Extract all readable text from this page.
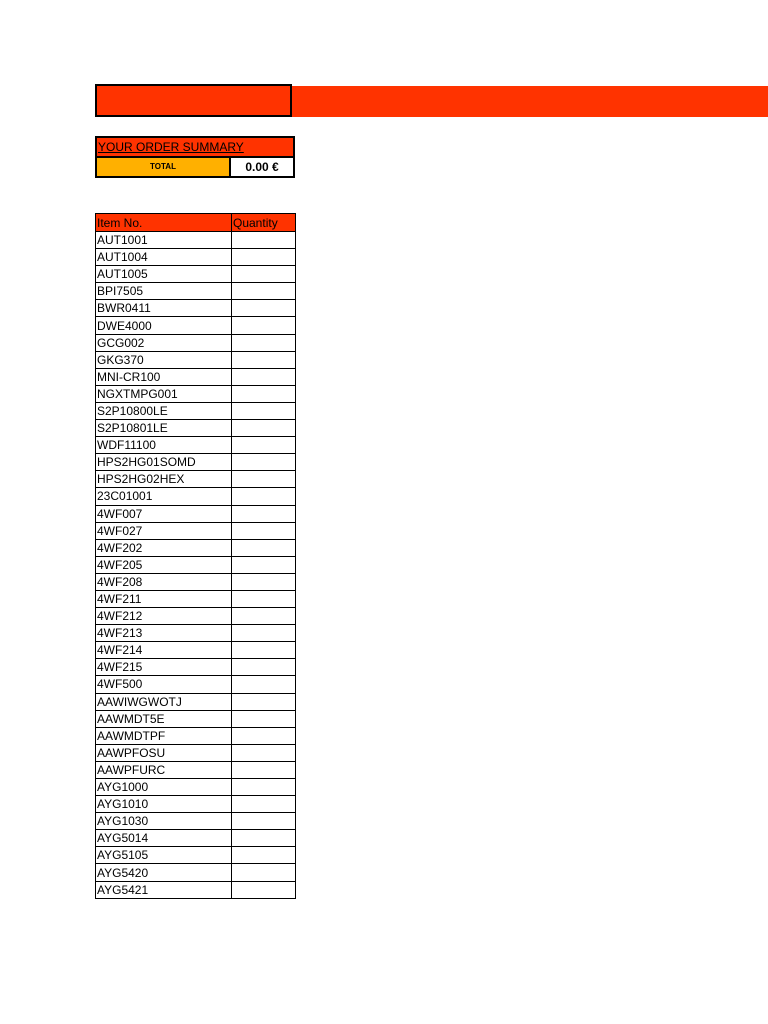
YOUR ORDER SUMMARY
TOTAL	0.00 €
Item No.	Quantity
AUT1001	
AUT1004	
AUT1005	
BPI7505	
BWR0411	
DWE4000	
GCG002	
GKG370	
MNI-CR100	
NGXTMPG001	
S2P10800LE	
S2P10801LE	
WDF11100	
HPS2HG01SOMD	
HPS2HG02HEX	
23C01001	
4WF007	
4WF027	
4WF202	
4WF205	
4WF208	
4WF211	
4WF212	
4WF213	
4WF214	
4WF215	
4WF500	
AAWIWGWOTJ	
AAWMDT5E	
AAWMDTPF	
AAWPFOSU	
AAWPFURC	
AYG1000	
AYG1010	
AYG1030	
AYG5014	
AYG5105	
AYG5420	
AYG5421	
